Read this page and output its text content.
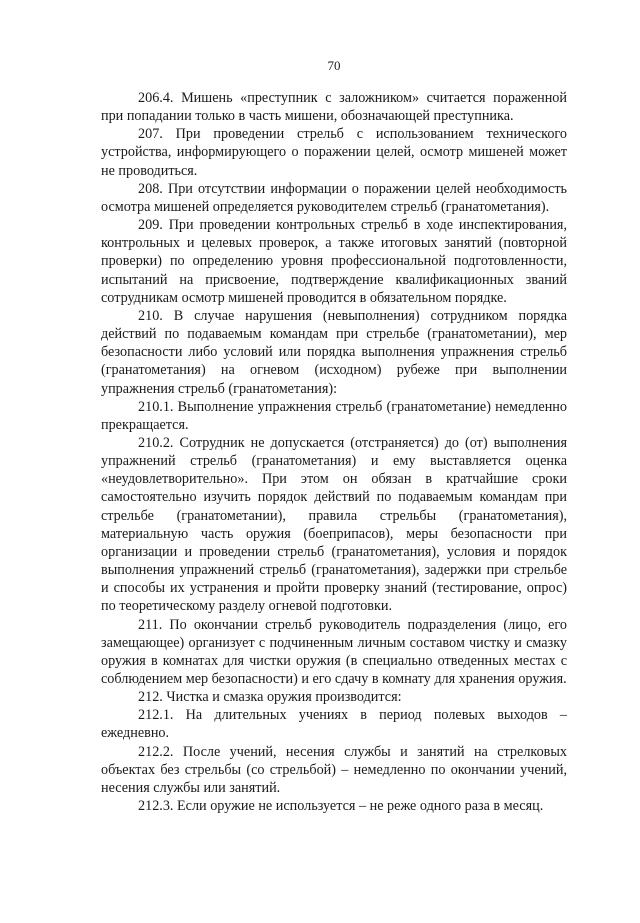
70

206.4. Мишень «преступник с заложником» считается пораженной при попадании только в часть мишени, обозначающей преступника.

207. При проведении стрельб с использованием технического устройства, информирующего о поражении целей, осмотр мишеней может не проводиться.

208. При отсутствии информации о поражении целей необходимость осмотра мишеней определяется руководителем стрельб (гранатометания).

209. При проведении контрольных стрельб в ходе инспектирования, контрольных и целевых проверок, а также итоговых занятий (повторной проверки) по определению уровня профессиональной подготовленности, испытаний на присвоение, подтверждение квалификационных званий сотрудникам осмотр мишеней проводится в обязательном порядке.

210. В случае нарушения (невыполнения) сотрудником порядка действий по подаваемым командам при стрельбе (гранатометании), мер безопасности либо условий или порядка выполнения упражнения стрельб (гранатометания) на огневом (исходном) рубеже при выполнении упражнения стрельб (гранатометания):

210.1. Выполнение упражнения стрельб (гранатометание) немедленно прекращается.

210.2. Сотрудник не допускается (отстраняется) до (от) выполнения упражнений стрельб (гранатометания) и ему выставляется оценка «неудовлетворительно». При этом он обязан в кратчайшие сроки самостоятельно изучить порядок действий по подаваемым командам при стрельбе (гранатометании), правила стрельбы (гранатометания), материальную часть оружия (боеприпасов), меры безопасности при организации и проведении стрельб (гранатометания), условия и порядок выполнения упражнений стрельб (гранатометания), задержки при стрельбе и способы их устранения и пройти проверку знаний (тестирование, опрос) по теоретическому разделу огневой подготовки.

211. По окончании стрельб руководитель подразделения (лицо, его замещающее) организует с подчиненным личным составом чистку и смазку оружия в комнатах для чистки оружия (в специально отведенных местах с соблюдением мер безопасности) и его сдачу в комнату для хранения оружия.

212. Чистка и смазка оружия производится:

212.1. На длительных учениях в период полевых выходов – ежедневно.

212.2. После учений, несения службы и занятий на стрелковых объектах без стрельбы (со стрельбой) – немедленно по окончании учений, несения службы или занятий.

212.3. Если оружие не используется – не реже одного раза в месяц.
